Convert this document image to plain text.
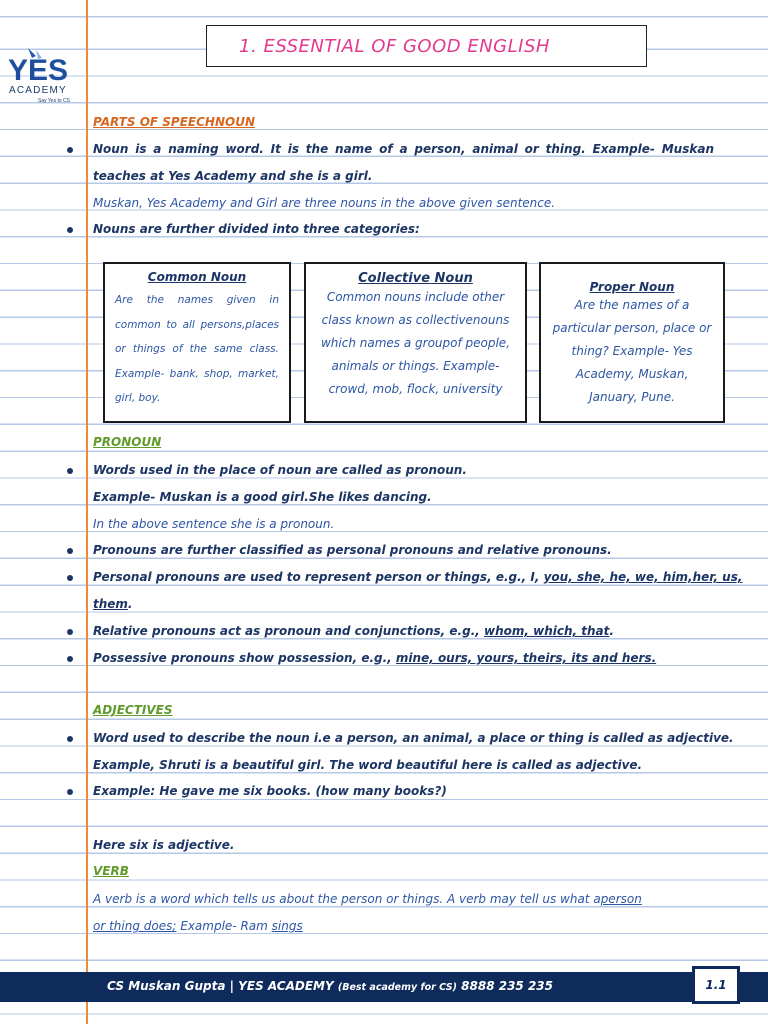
YES
ACADEMY
Say Yes to CS
1. ESSENTIAL OF GOOD ENGLISH
PARTS OF SPEECHNOUN
Noun is a naming word. It is the name of a person, animal or thing. Example- Muskan
teaches at Yes Academy and she is a girl.
Muskan, Yes Academy and Girl are three nouns in the above given sentence.
Nouns are further divided into three categories:
Common Noun
Are the names given in common to all persons,places or things of the same class. Example- bank, shop, market, girl, boy.
Collective Noun
Common nouns include other class known as collectivenouns which names a groupof people, animals or things. Example- crowd, mob, flock, university
Proper Noun
Are the names of a particular person, place or thing? Example- Yes Academy, Muskan, January, Pune.
PRONOUN
Words used in the place of noun are called as pronoun.
Example- Muskan is a good girl.She likes dancing.
In the above sentence she is a pronoun.
Pronouns are further classified as personal pronouns and relative pronouns.
Personal pronouns are used to represent person or things, e.g., I, you, she, he, we, him,her, us,
them.
Relative pronouns act as pronoun and conjunctions, e.g., whom, which, that.
Possessive pronouns show possession, e.g., mine, ours, yours, theirs, its and hers.
ADJECTIVES
Word used to describe the noun i.e a person, an animal, a place or thing is called as adjective.
Example, Shruti is a beautiful girl. The word beautiful here is called as adjective.
Example: He gave me six books. (how many books?)
Here six is adjective.
VERB
A verb is a word which tells us about the person or things. A verb may tell us what aperson
or thing does; Example- Ram sings
CS Muskan Gupta | YES ACADEMY (Best academy for CS) 8888 235 235	1.1
